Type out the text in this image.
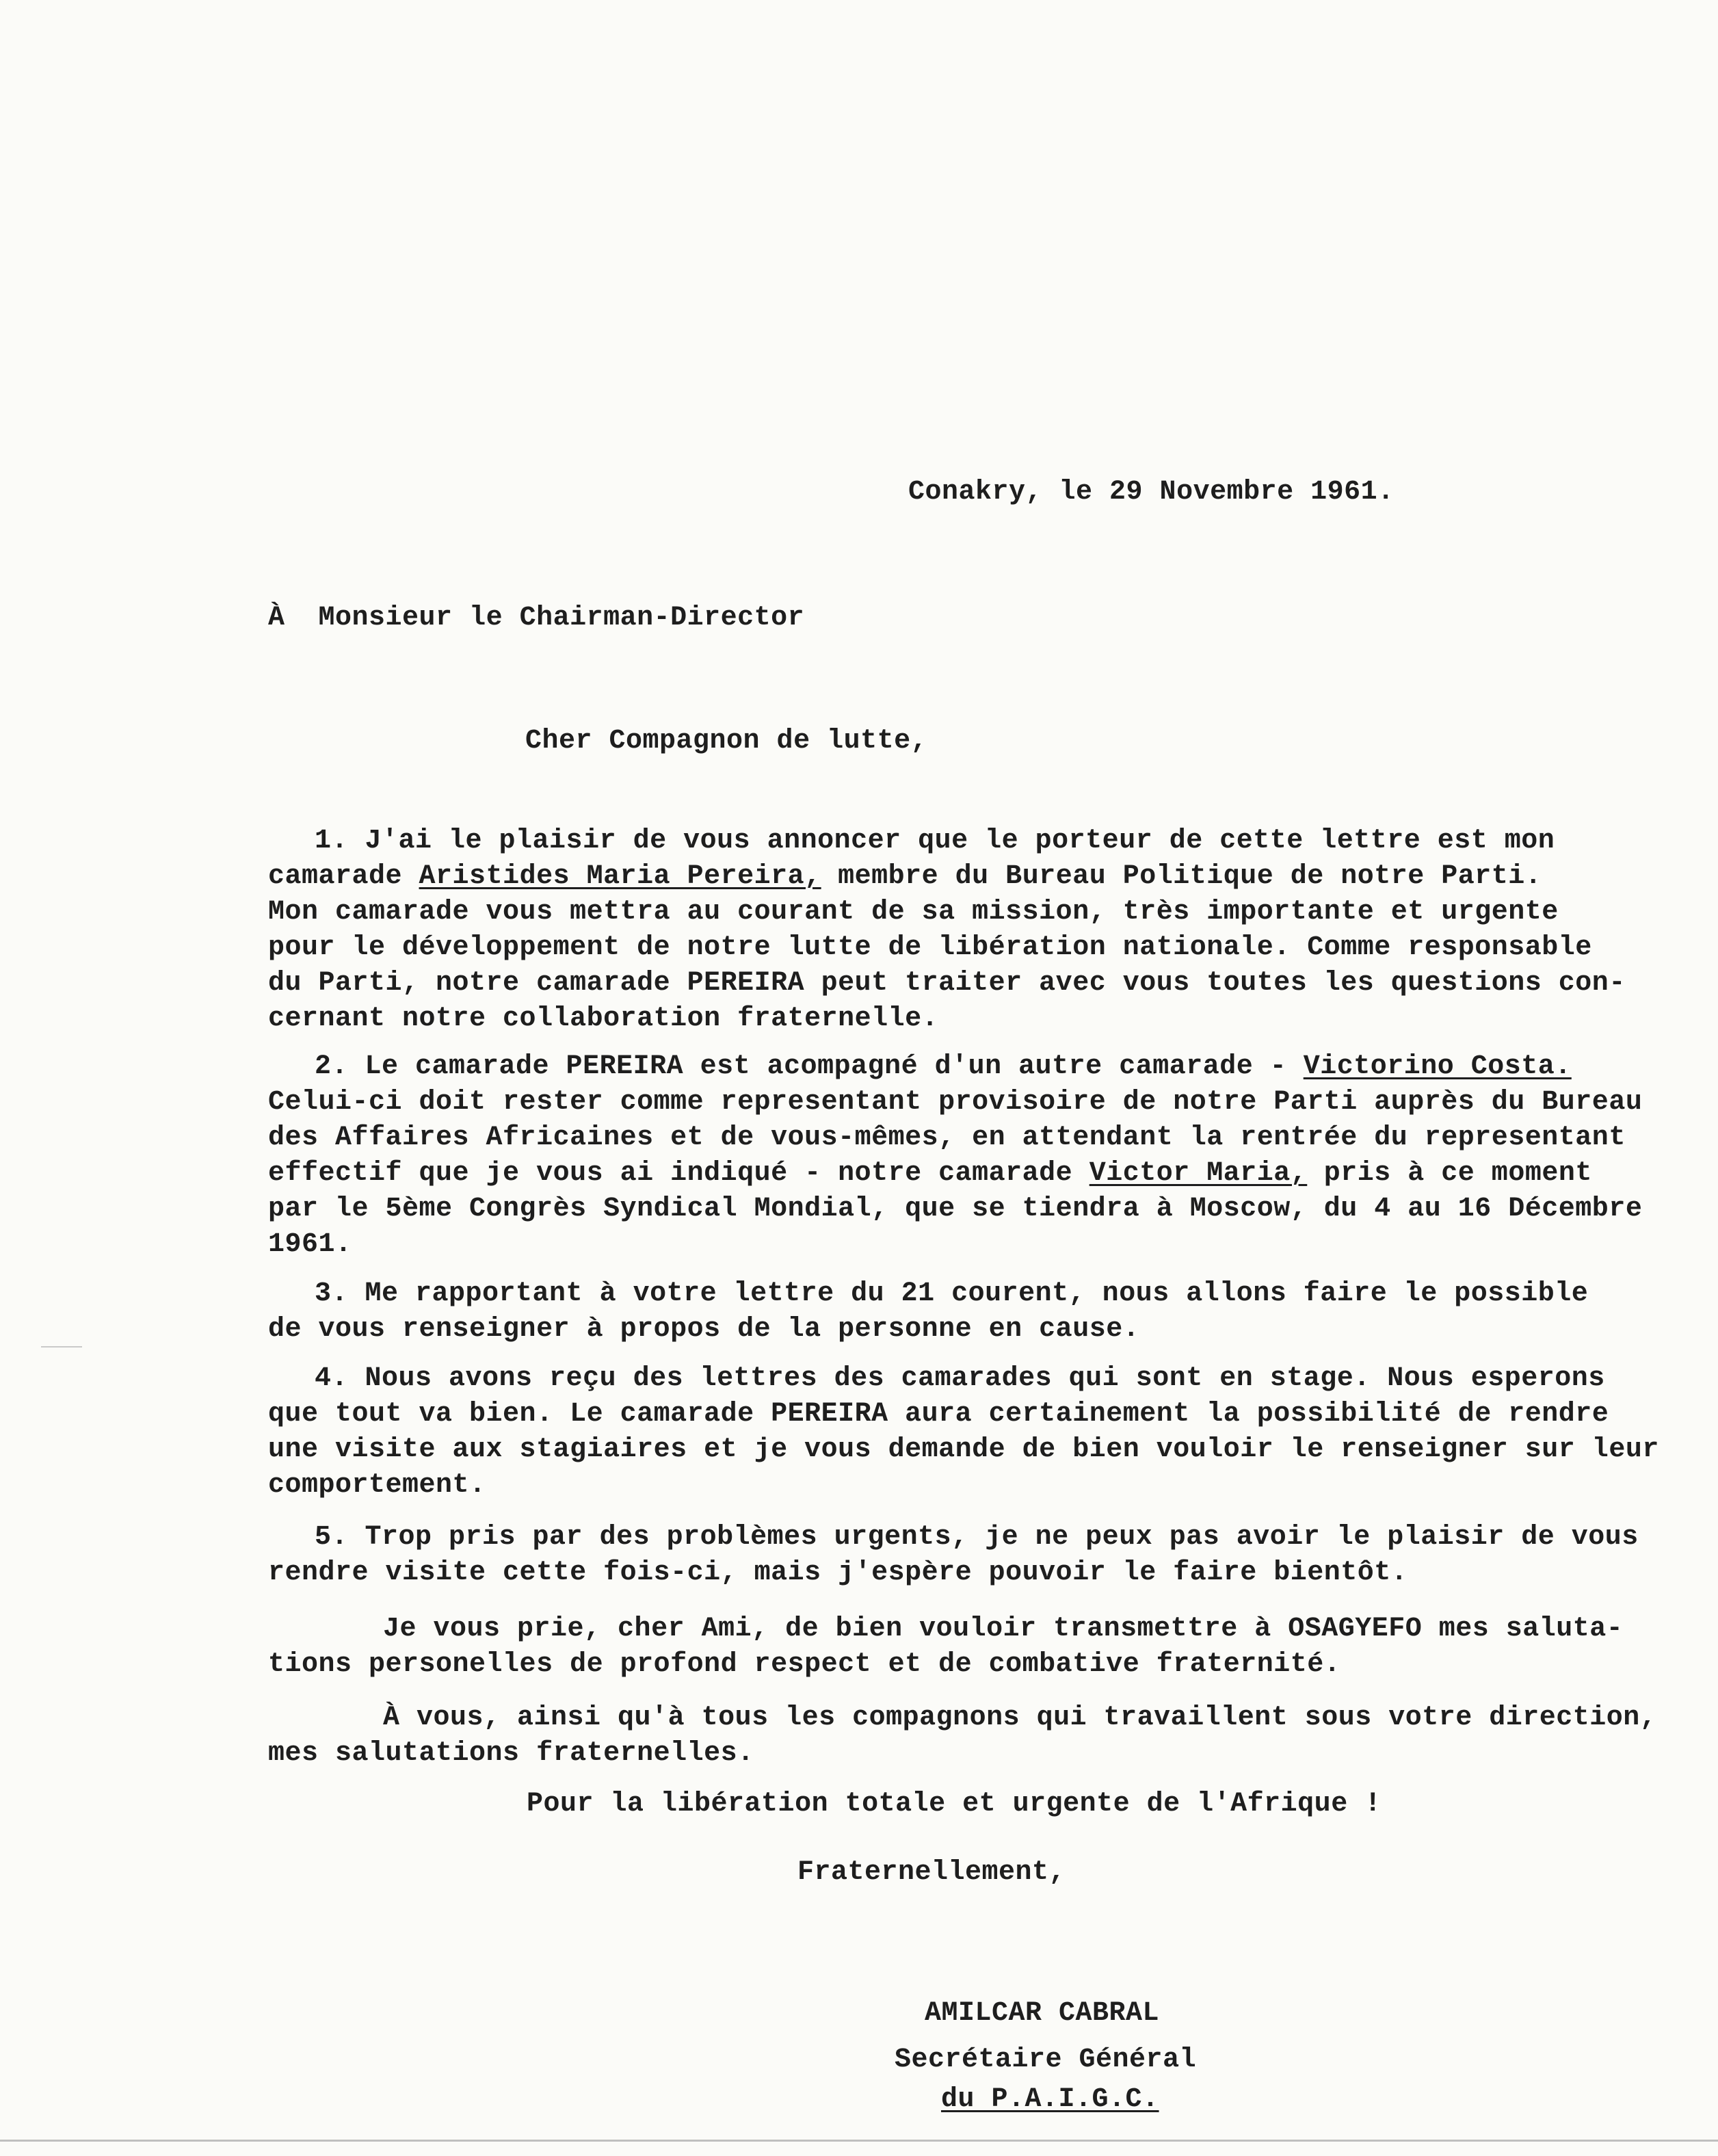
Conakry, le 29 Novembre 1961.
À Monsieur le Chairman-Director
Cher Compagnon de lutte,
1. J'ai le plaisir de vous annoncer que le porteur de cette lettre est mon
camarade Aristides Maria Pereira, membre du Bureau Politique de notre Parti.
Mon camarade vous mettra au courant de sa mission, très importante et urgente
pour le développement de notre lutte de libération nationale. Comme responsable
du Parti, notre camarade PEREIRA peut traiter avec vous toutes les questions con-
cernant notre collaboration fraternelle.
2. Le camarade PEREIRA est acompagné d'un autre camarade - Victorino Costa.
Celui-ci doit rester comme representant provisoire de notre Parti auprès du Bureau
des Affaires Africaines et de vous-mêmes, en attendant la rentrée du representant
effectif que je vous ai indiqué - notre camarade Victor Maria, pris à ce moment
par le 5ème Congrès Syndical Mondial, que se tiendra à Moscow, du 4 au 16 Décembre
1961.
3. Me rapportant à votre lettre du 21 courent, nous allons faire le possible
de vous renseigner à propos de la personne en cause.
4. Nous avons reçu des lettres des camarades qui sont en stage. Nous esperons
que tout va bien. Le camarade PEREIRA aura certainement la possibilité de rendre
une visite aux stagiaires et je vous demande de bien vouloir le renseigner sur leur
comportement.
5. Trop pris par des problèmes urgents, je ne peux pas avoir le plaisir de vous
rendre visite cette fois-ci, mais j'espère pouvoir le faire bientôt.
Je vous prie, cher Ami, de bien vouloir transmettre à OSAGYEFO mes saluta-
tions personelles de profond respect et de combative fraternité.
À vous, ainsi qu'à tous les compagnons qui travaillent sous votre direction,
mes salutations fraternelles.
Pour la libération totale et urgente de l'Afrique !
Fraternellement,
AMILCAR CABRAL
Secrétaire Général
du P.A.I.G.C.
